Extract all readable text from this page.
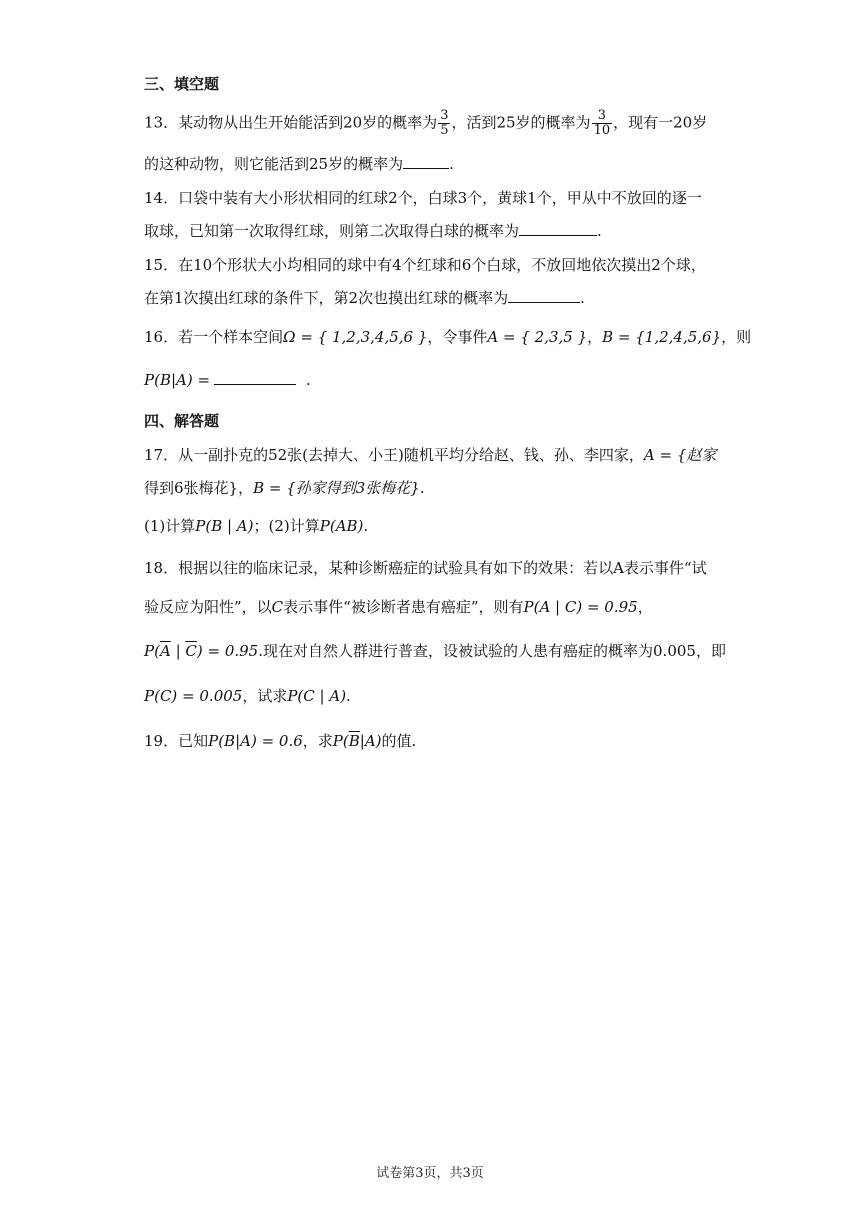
三、填空题
13．某动物从出生开始能活到20岁的概率为 $\frac{3}{5}$ ，活到25岁的概率为 $\frac{3}{10}$ ，现有一20岁
的这种动物，则它能活到25岁的概率为	.
14．口袋中装有大小形状相同的红球2个，白球3个，黄球1个，甲从中不放回的逐一
取球，已知第一次取得红球，则第二次取得白球的概率为	.
15．在10个形状大小均相同的球中有4个红球和6个白球，不放回地依次摸出2个球，
在第1次摸出红球的条件下，第2次也摸出红球的概率为	.
16．若一个样本空间Ω = { 1,2,3,4,5,6 }，令事件A = { 2,3,5 }，B = {1,2,4,5,6}，则
P(B|A) =	.
四、解答题
17．从一副扑克的52张(去掉大、小王)随机平均分给赵、钱、孙、李四家，A = {赵家
得到6张梅花}，B = {孙家得到3张梅花}.
(1)计算P(B | A)；(2)计算P(AB).
18．根据以往的临床记录，某种诊断癌症的试验具有如下的效果：若以A表示事件“试
验反应为阳性”，以C表示事件“被诊断者患有癌症”，则有P(A | C) = 0.95，
$P(\overline{A}$ | $\overline{C}) = 0.95$.现在对自然人群进行普查，设被试验的人患有癌症的概率为0.005，即
P(C) = 0.005，试求P(C | A).
19．已知P(B|A) = 0.6，求$P(\overline{B}|A)$的值.
试卷第3页，共3页
